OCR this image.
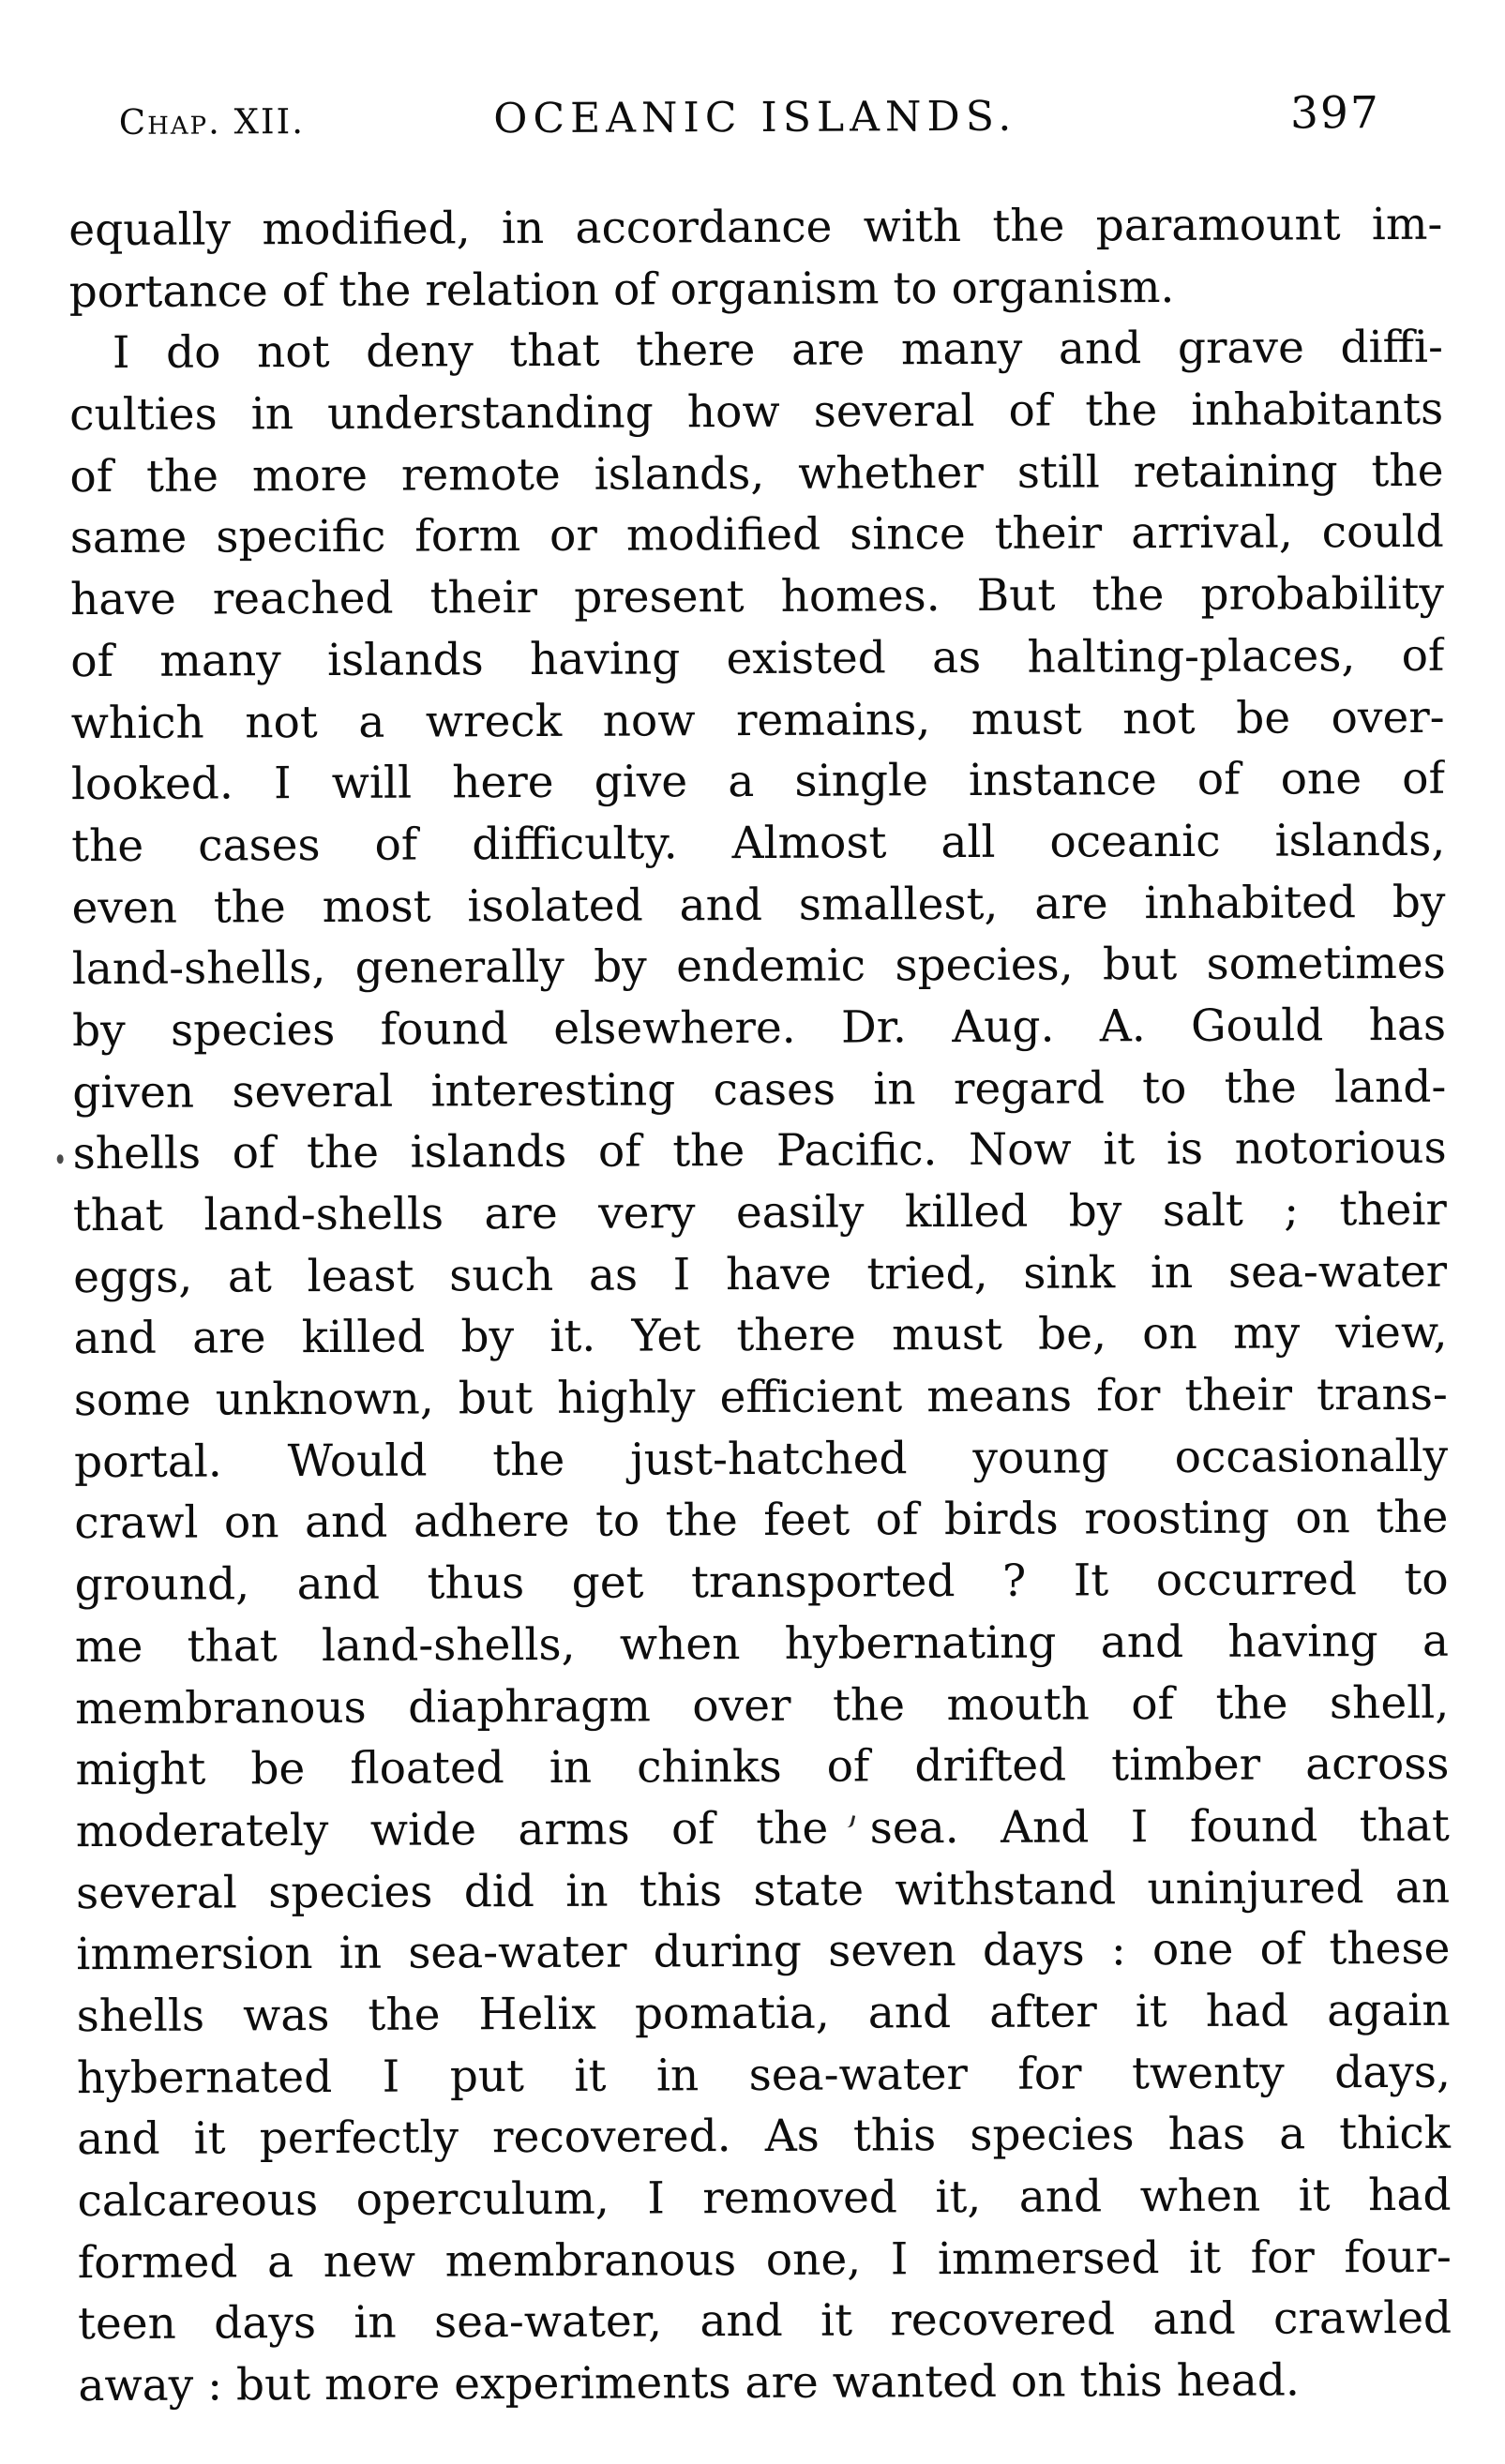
Chap. XII.	OCEANIC ISLANDS.	397
equally modified, in accordance with the paramount im-
portance of the relation of organism to organism.
I do not deny that there are many and grave diffi-
culties in understanding how several of the inhabitants
of the more remote islands, whether still retaining the
same specific form or modified since their arrival, could
have reached their present homes. But the probability
of many islands having existed as halting-places, of
which not a wreck now remains, must not be over-
looked. I will here give a single instance of one of
the cases of difficulty. Almost all oceanic islands,
even the most isolated and smallest, are inhabited by
land-shells, generally by endemic species, but sometimes
by species found elsewhere. Dr. Aug. A. Gould has
given several interesting cases in regard to the land-
shells of the islands of the Pacific. Now it is notorious
that land-shells are very easily killed by salt ; their
eggs, at least such as I have tried, sink in sea-water
and are killed by it. Yet there must be, on my view,
some unknown, but highly efficient means for their trans-
portal. Would the just-hatched young occasionally
crawl on and adhere to the feet of birds roosting on the
ground, and thus get transported ? It occurred to
me that land-shells, when hybernating and having a
membranous diaphragm over the mouth of the shell,
might be floated in chinks of drifted timber across
moderately wide arms of the sea. And I found that
several species did in this state withstand uninjured an
immersion in sea-water during seven days : one of these
shells was the Helix pomatia, and after it had again
hybernated I put it in sea-water for twenty days,
and it perfectly recovered. As this species has a thick
calcareous operculum, I removed it, and when it had
formed a new membranous one, I immersed it for four-
teen days in sea-water, and it recovered and crawled
away : but more experiments are wanted on this head.
